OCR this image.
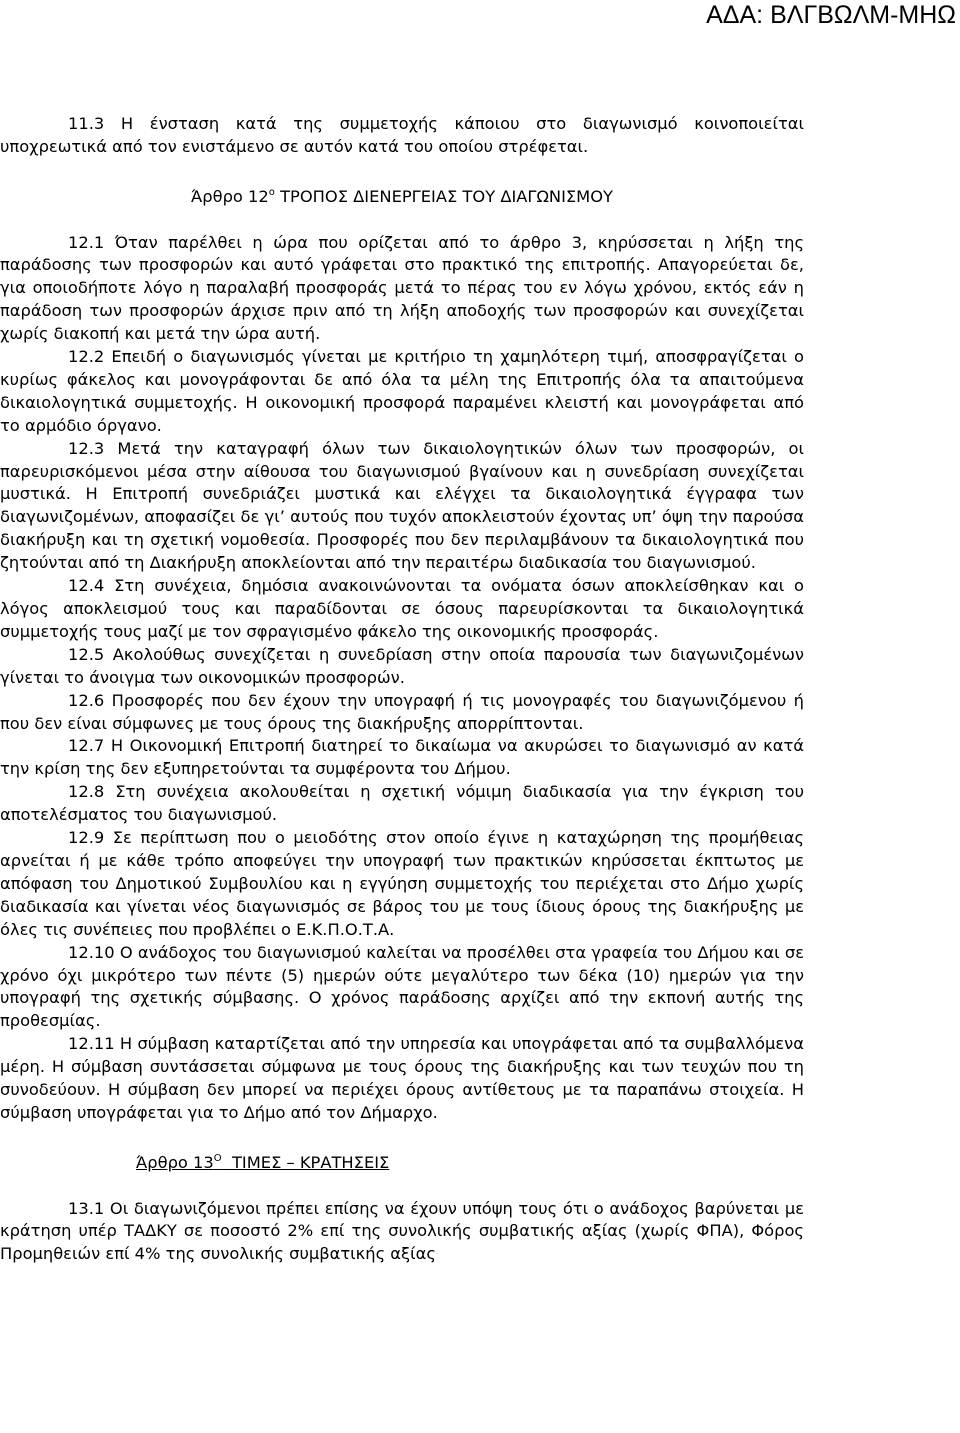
ΑΔΑ: ΒΛΓΒΩΛΜ-ΜΗΩ

11.3 Η ένσταση κατά της συμμετοχής κάποιου στο διαγωνισμό κοινοποιείται υποχρεωτικά από τον ενιστάμενο σε αυτόν κατά του οποίου στρέφεται.

Άρθρο $12^o$ ΤΡΟΠΟΣ ΔΙΕΝΕΡΓΕΙΑΣ ΤΟΥ ΔΙΑΓΩΝΙΣΜΟΥ

12.1 Όταν παρέλθει η ώρα που ορίζεται από το άρθρο 3, κηρύσσεται η λήξη της παράδοσης των προσφορών και αυτό γράφεται στο πρακτικό της επιτροπής. Απαγορεύεται δε, για οποιοδήποτε λόγο η παραλαβή προσφοράς μετά το πέρας του εν λόγω χρόνου, εκτός εάν η παράδοση των προσφορών άρχισε πριν από τη λήξη αποδοχής των προσφορών και συνεχίζεται χωρίς διακοπή και μετά την ώρα αυτή.

12.2 Επειδή ο διαγωνισμός γίνεται με κριτήριο τη χαμηλότερη τιμή, αποσφραγίζεται ο κυρίως φάκελος και μονογράφονται δε από όλα τα μέλη της Επιτροπής όλα τα απαιτούμενα δικαιολογητικά συμμετοχής. Η οικονομική προσφορά παραμένει κλειστή και μονογράφεται από το αρμόδιο όργανο.

12.3 Μετά την καταγραφή όλων των δικαιολογητικών όλων των προσφορών, οι παρευρισκόμενοι μέσα στην αίθουσα του διαγωνισμού βγαίνουν και η συνεδρίαση συνεχίζεται μυστικά. Η Επιτροπή συνεδριάζει μυστικά και ελέγχει τα δικαιολογητικά έγγραφα των διαγωνιζομένων, αποφασίζει δε γι’ αυτούς που τυχόν αποκλειστούν έχοντας υπ’ όψη την παρούσα διακήρυξη και τη σχετική νομοθεσία. Προσφορές που δεν περιλαμβάνουν τα δικαιολογητικά που ζητούνται από τη Διακήρυξη αποκλείονται από την περαιτέρω διαδικασία του διαγωνισμού.

12.4 Στη συνέχεια, δημόσια ανακοινώνονται τα ονόματα όσων αποκλείσθηκαν και ο λόγος αποκλεισμού τους και παραδίδονται σε όσους παρευρίσκονται τα δικαιολογητικά συμμετοχής τους μαζί με τον σφραγισμένο φάκελο της οικονομικής προσφοράς.

12.5 Ακολούθως συνεχίζεται η συνεδρίαση στην οποία παρουσία των διαγωνιζομένων γίνεται το άνοιγμα των οικονομικών προσφορών.

12.6 Προσφορές που δεν έχουν την υπογραφή ή τις μονογραφές του διαγωνιζόμενου ή που δεν είναι σύμφωνες με τους όρους της διακήρυξης απορρίπτονται.

12.7 Η Οικονομική Επιτροπή διατηρεί το δικαίωμα να ακυρώσει το διαγωνισμό αν κατά την κρίση της δεν εξυπηρετούνται τα συμφέροντα του Δήμου.

12.8 Στη συνέχεια ακολουθείται η σχετική νόμιμη διαδικασία για την έγκριση του αποτελέσματος του διαγωνισμού.

12.9 Σε περίπτωση που ο μειοδότης στον οποίο έγινε η καταχώρηση της προμήθειας αρνείται ή με κάθε τρόπο αποφεύγει την υπογραφή των πρακτικών κηρύσσεται έκπτωτος με απόφαση του Δημοτικού Συμβουλίου και η εγγύηση συμμετοχής του περιέχεται στο Δήμο χωρίς διαδικασία και γίνεται νέος διαγωνισμός σε βάρος του με τους ίδιους όρους της διακήρυξης με όλες τις συνέπειες που προβλέπει ο Ε.Κ.Π.Ο.Τ.Α.

12.10 Ο ανάδοχος του διαγωνισμού καλείται να προσέλθει στα γραφεία του Δήμου και σε χρόνο όχι μικρότερο των πέντε (5) ημερών ούτε μεγαλύτερο των δέκα (10) ημερών για την υπογραφή της σχετικής σύμβασης. Ο χρόνος παράδοσης αρχίζει από την εκπονή αυτής της προθεσμίας.

12.11 Η σύμβαση καταρτίζεται από την υπηρεσία και υπογράφεται από τα συμβαλλόμενα μέρη. Η σύμβαση συντάσσεται σύμφωνα με τους όρους της διακήρυξης και των τευχών που τη συνοδεύουν. Η σύμβαση δεν μπορεί να περιέχει όρους αντίθετους με τα παραπάνω στοιχεία. Η σύμβαση υπογράφεται για το Δήμο από τον Δήμαρχο.

Άρθρο $13^O$  ΤΙΜΕΣ – ΚΡΑΤΗΣΕΙΣ

13.1 Οι διαγωνιζόμενοι πρέπει επίσης να έχουν υπόψη τους ότι ο ανάδοχος βαρύνεται με κράτηση υπέρ ΤΑΔΚΥ σε ποσοστό 2% επί της συνολικής συμβατικής αξίας (χωρίς ΦΠΑ), Φόρος Προμηθειών επί 4% της συνολικής συμβατικής αξίας
